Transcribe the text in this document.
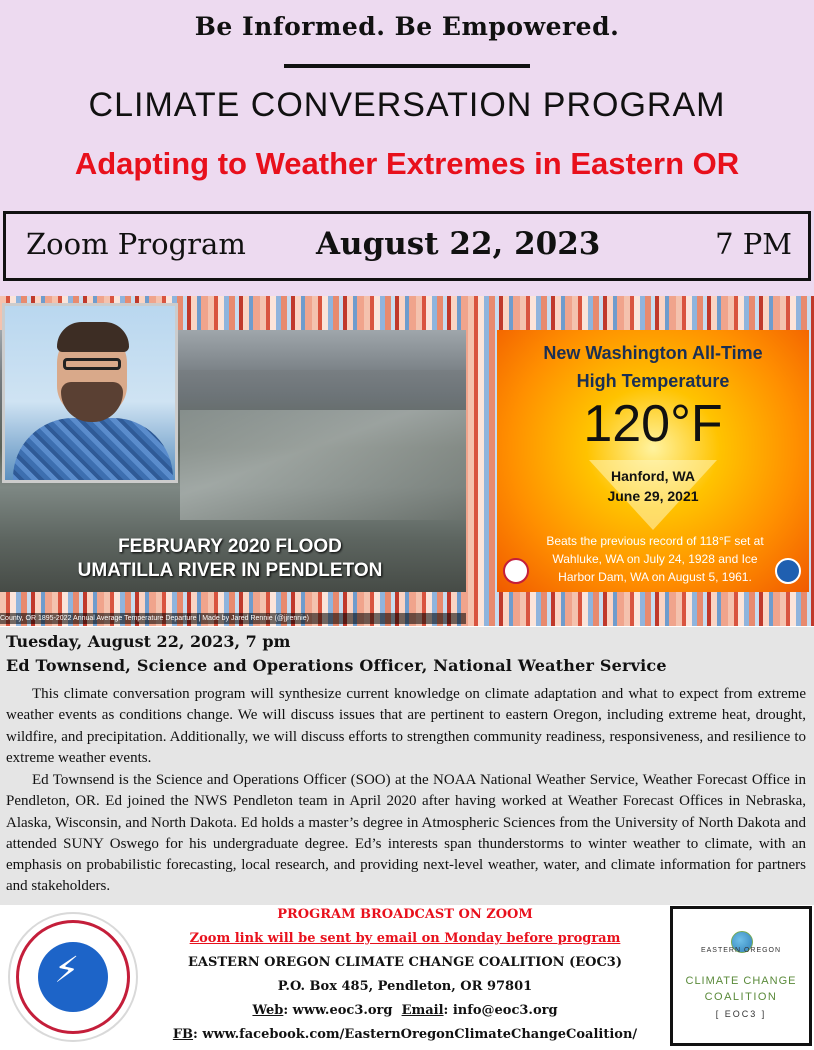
Be Informed. Be Empowered.
CLIMATE CONVERSATION PROGRAM
Adapting to Weather Extremes in Eastern OR
Zoom Program August 22, 2023	7 PM
FEBRUARY 2020 FLOOD
UMATILLA RIVER IN PENDLETON
County, OR 1895-2022 Annual Average Temperature Departure | Made by Jared Rennie (@jjrennie)
New Washington All-Time
High Temperature
120°F
Hanford, WA
June 29, 2021
Beats the previous record of 118°F set at Wahluke, WA on July 24, 1928 and Ice Harbor Dam, WA on August 5, 1961.
Tuesday, August 22, 2023, 7 pm
Ed Townsend, Science and Operations Officer, National Weather Service
This climate conversation program will synthesize current knowledge on climate adaptation and what to expect from extreme weather events as conditions change. We will discuss issues that are pertinent to eastern Oregon, including extreme heat, drought, wildfire, and precipitation. Additionally, we will discuss efforts to strengthen community readiness, responsiveness, and resilience to extreme weather events.
Ed Townsend is the Science and Operations Officer (SOO) at the NOAA National Weather Service, Weather Forecast Office in Pendleton, OR. Ed joined the NWS Pendleton team in April 2020 after having worked at Weather Forecast Offices in Nebraska, Alaska, Wisconsin, and North Dakota. Ed holds a master’s degree in Atmospheric Sciences from the University of North Dakota and attended SUNY Oswego for his undergraduate degree. Ed’s interests span thunderstorms to winter weather to climate, with an emphasis on probabilistic forecasting, local research, and providing next-level weather, water, and climate information for partners and stakeholders.
⚡
PROGRAM BROADCAST ON ZOOM
Zoom link will be sent by email on Monday before program
EASTERN OREGON CLIMATE CHANGE COALITION (EOC3)
P.O. Box 485, Pendleton, OR 97801
Web: www.eoc3.org Email: info@eoc3.org
FB: www.facebook.com/EasternOregonClimateChangeCoalition/
EASTERN OREGON
CLIMATE CHANGE
COALITION
[ EOC3 ]
